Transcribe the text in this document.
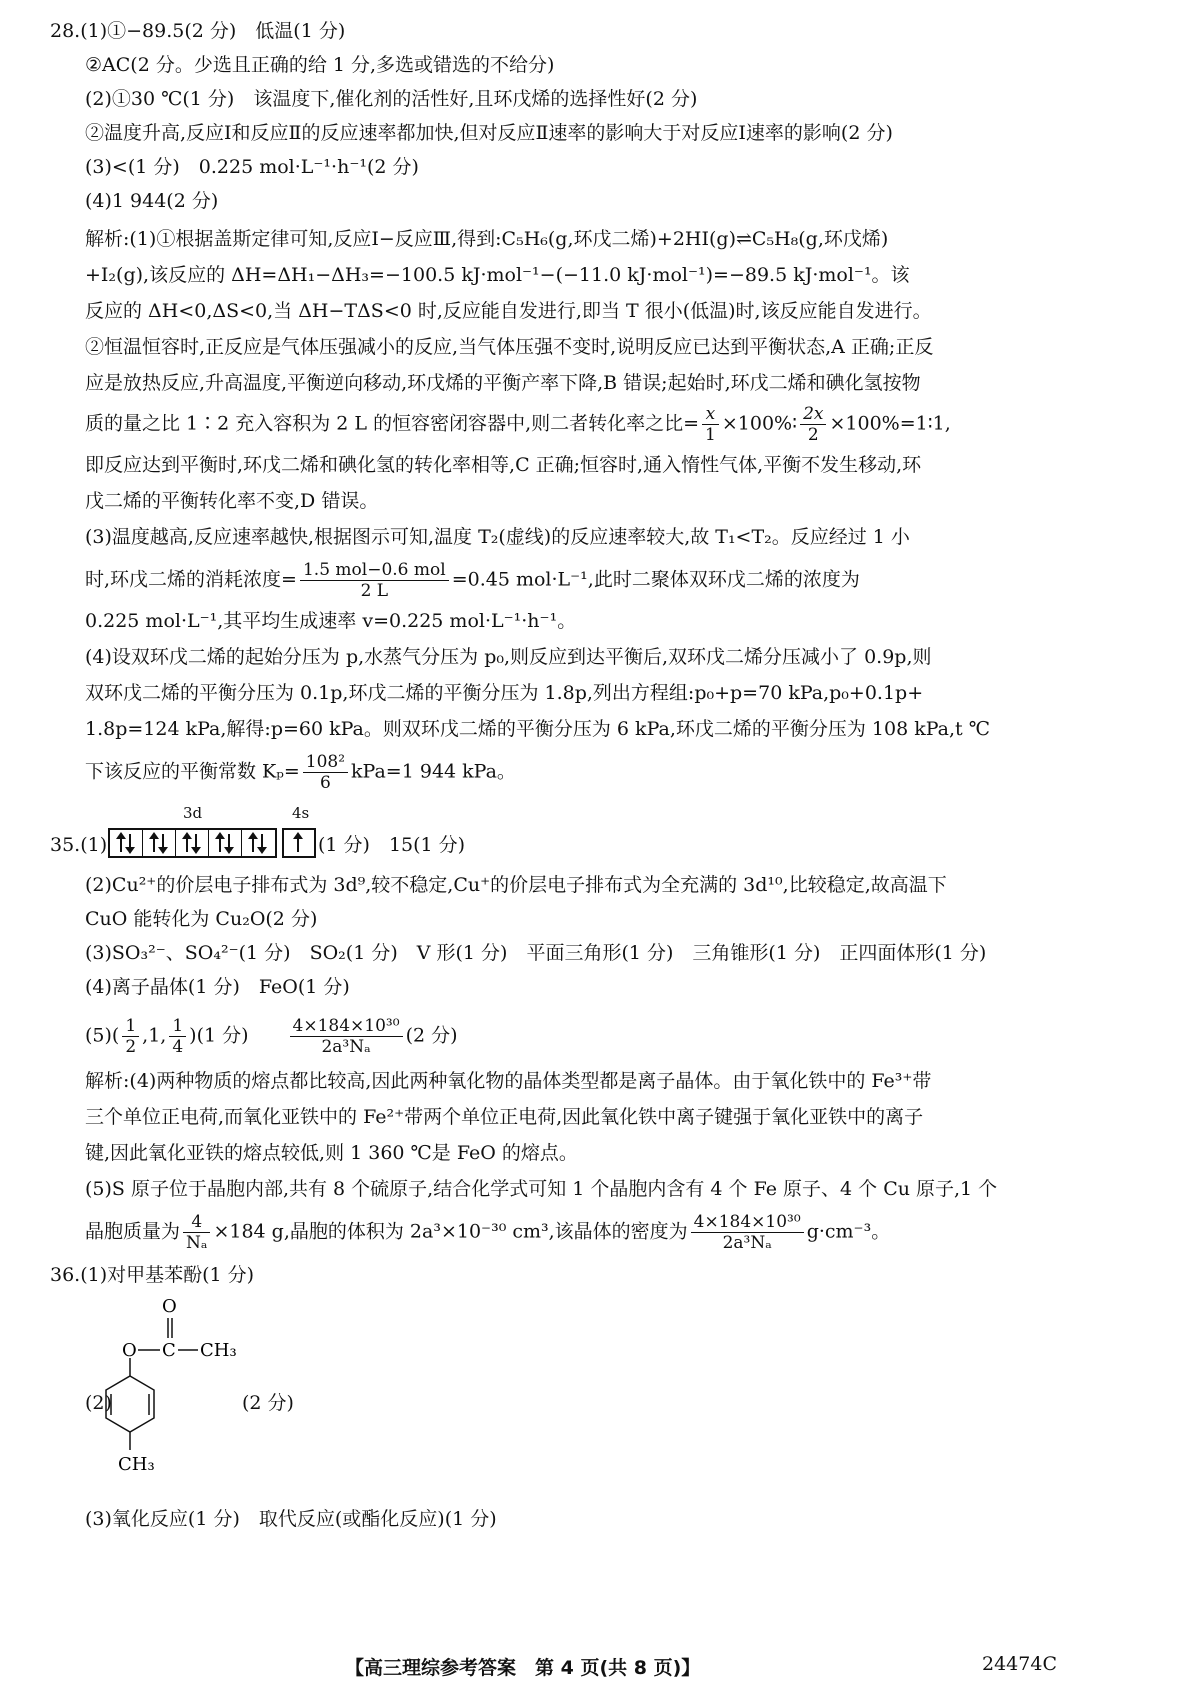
28.(1)①−89.5(2 分)　低温(1 分)
②AC(2 分。少选且正确的给 1 分,多选或错选的不给分)
(2)①30 ℃(1 分)　该温度下,催化剂的活性好,且环戊烯的选择性好(2 分)
②温度升高,反应Ⅰ和反应Ⅱ的反应速率都加快,但对反应Ⅱ速率的影响大于对反应Ⅰ速率的影响(2 分)
(3)<(1 分)　0.225 mol·L⁻¹·h⁻¹(2 分)
(4)1 944(2 分)
解析:(1)①根据盖斯定律可知,反应Ⅰ−反应Ⅲ,得到:C₅H₆(g,环戊二烯)+2HI(g)⇌C₅H₈(g,环戊烯)
+I₂(g),该反应的 ΔH=ΔH₁−ΔH₃=−100.5 kJ·mol⁻¹−(−11.0 kJ·mol⁻¹)=−89.5 kJ·mol⁻¹。该
反应的 ΔH<0,ΔS<0,当 ΔH−TΔS<0 时,反应能自发进行,即当 T 很小(低温)时,该反应能自发进行。
②恒温恒容时,正反应是气体压强减小的反应,当气体压强不变时,说明反应已达到平衡状态,A 正确;正反
应是放热反应,升高温度,平衡逆向移动,环戊烯的平衡产率下降,B 错误;起始时,环戊二烯和碘化氢按物
质的量之比 1∶2 充入容积为 2 L 的恒容密闭容器中,则二者转化率之比= $\frac{x}{1}$ ×100%∶ $\frac{2x}{2}$ ×100%=1∶1,
即反应达到平衡时,环戊二烯和碘化氢的转化率相等,C 正确;恒容时,通入惰性气体,平衡不发生移动,环
戊二烯的平衡转化率不变,D 错误。
(3)温度越高,反应速率越快,根据图示可知,温度 T₂(虚线)的反应速率较大,故 T₁<T₂。反应经过 1 小
时,环戊二烯的消耗浓度= $\frac{\text{1.5 mol−0.6 mol}}{2 L} =0.45$ mol·L⁻¹,此时二聚体双环戊二烯的浓度为
0.225 mol·L⁻¹,其平均生成速率 v=0.225 mol·L⁻¹·h⁻¹。
(4)设双环戊二烯的起始分压为 p,水蒸气分压为 p₀,则反应到达平衡后,双环戊二烯分压减小了 0.9p,则
双环戊二烯的平衡分压为 0.1p,环戊二烯的平衡分压为 1.8p,列出方程组:p₀+p=70 kPa,p₀+0.1p+
1.8p=124 kPa,解得:p=60 kPa。则双环戊二烯的平衡分压为 6 kPa,环戊二烯的平衡分压为 108 kPa,t ℃
下该反应的平衡常数 $K_p= \frac{\text{108²}}{6} kPa=1$ 944 kPa。
3d	4s
35.(1)	(1 分)　15(1 分)
(2)Cu²⁺的价层电子排布式为 3d⁹,较不稳定,Cu⁺的价层电子排布式为全充满的 3d¹⁰,比较稳定,故高温下
CuO 能转化为 Cu₂O(2 分)
(3)SO₃²⁻、SO₄²⁻(1 分)　SO₂(1 分)　V 形(1 分)　平面三角形(1 分)　三角锥形(1 分)　正四面体形(1 分)
(4)离子晶体(1 分)　FeO(1 分)
$(5)( \frac{1}{2} ,1$, $\frac{1}{4} )(1$ 分)　　 $\frac{\text{4×184×10³⁰}}{\text{2a³Nₐ}} (2$ 分)
解析:(4)两种物质的熔点都比较高,因此两种氧化物的晶体类型都是离子晶体。由于氧化铁中的 Fe³⁺带
三个单位正电荷,而氧化亚铁中的 Fe²⁺带两个单位正电荷,因此氧化铁中离子键强于氧化亚铁中的离子
键,因此氧化亚铁的熔点较低,则 1 360 ℃是 FeO 的熔点。
(5)S 原子位于晶胞内部,共有 8 个硫原子,结合化学式可知 1 个晶胞内含有 4 个 Fe 原子、4 个 Cu 原子,1 个
晶胞质量为 $\frac{4}{\text{Nₐ}} \times 184$ g,晶胞的体积为 2a³×10⁻³⁰ cm³,该晶体的密度为 $\frac{\text{4×184×10³⁰}}{\text{2a³Nₐ}} g\cdot cm^{-3}$。
36.(1)对甲基苯酚(1 分)
O
O C CH₃
CH₃
(2)	(2 分)
(3)氧化反应(1 分)　取代反应(或酯化反应)(1 分)
【高三理综参考答案　第 4 页(共 8 页)】	24474C
